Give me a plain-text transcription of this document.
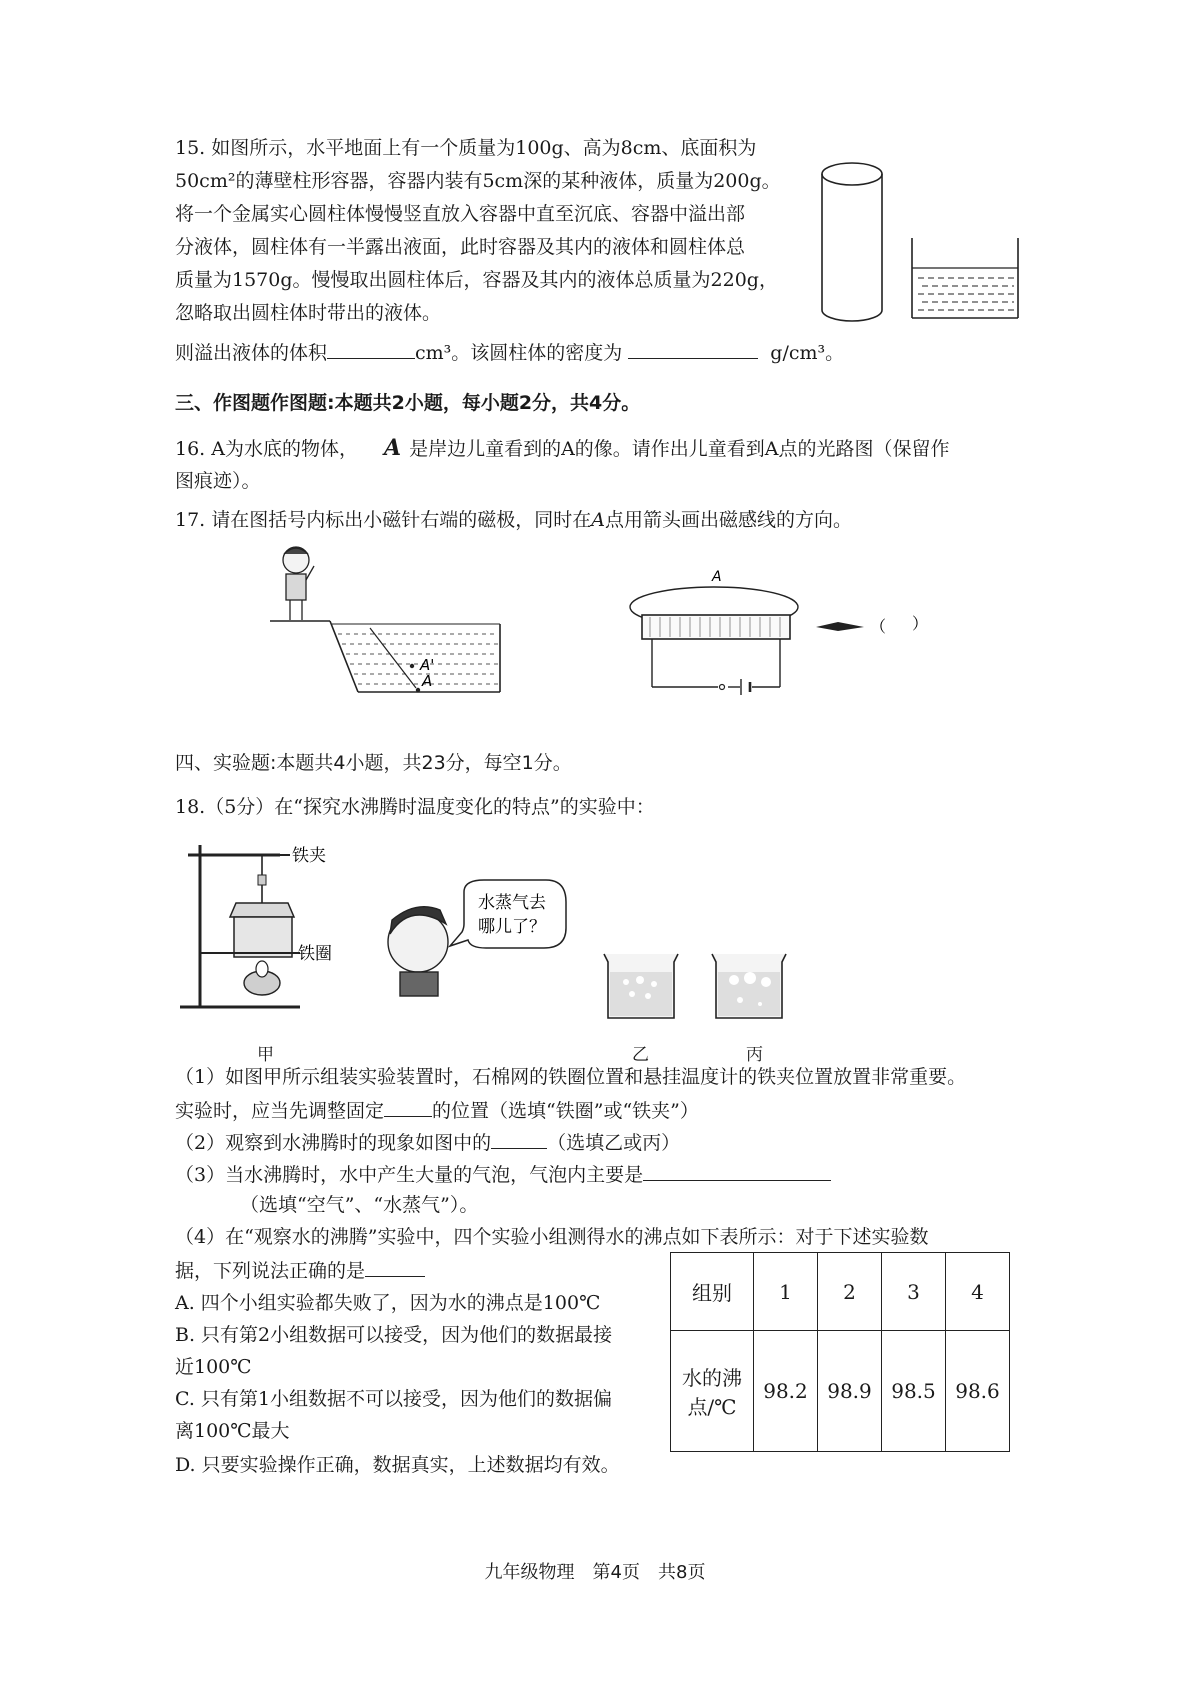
15. 如图所示，水平地面上有一个质量为100g、高为8cm、底面积为
50cm²的薄壁柱形容器，容器内装有5cm深的某种液体，质量为200g。
将一个金属实心圆柱体慢慢竖直放入容器中直至沉底、容器中溢出部
分液体，圆柱体有一半露出液面，此时容器及其内的液体和圆柱体总
质量为1570g。慢慢取出圆柱体后，容器及其内的液体总质量为220g，
忽略取出圆柱体时带出的液体。
则溢出液体的体积	cm³。该圆柱体的密度为	g/cm³。
三、作图题作图题:本题共2小题，每小题2分，共4分。
16. A为水底的物体， A 是岸边儿童看到的A的像。请作出儿童看到A点的光路图（保留作
图痕迹）。
17. 请在图括号内标出小磁针右端的磁极，同时在A点用箭头画出磁感线的方向。
A'
A
A
（ ）
四、实验题:本题共4小题，共23分，每空1分。
18.（5分）在“探究水沸腾时温度变化的特点”的实验中：
铁夹
铁圈
甲
水蒸气去
哪儿了？
乙	丙
（1）如图甲所示组装实验装置时，石棉网的铁圈位置和悬挂温度计的铁夹位置放置非常重要。
实验时，应当先调整固定	的位置（选填“铁圈”或“铁夹”）
（2）观察到水沸腾时的现象如图中的	（选填乙或丙）
（3）当水沸腾时，水中产生大量的气泡，气泡内主要是
（选填“空气”、“水蒸气”）。
（4）在“观察水的沸腾”实验中，四个实验小组测得水的沸点如下表所示：对于下述实验数
据，下列说法正确的是
A. 四个小组实验都失败了，因为水的沸点是100℃
B. 只有第2小组数据可以接受，因为他们的数据最接
近100℃
C. 只有第1小组数据不可以接受，因为他们的数据偏
离100℃最大
D. 只要实验操作正确，数据真实，上述数据均有效。
组别	1	2	3	4

水的沸
点/℃	98.2	98.9	98.5	98.6
九年级物理　第4页　共8页
